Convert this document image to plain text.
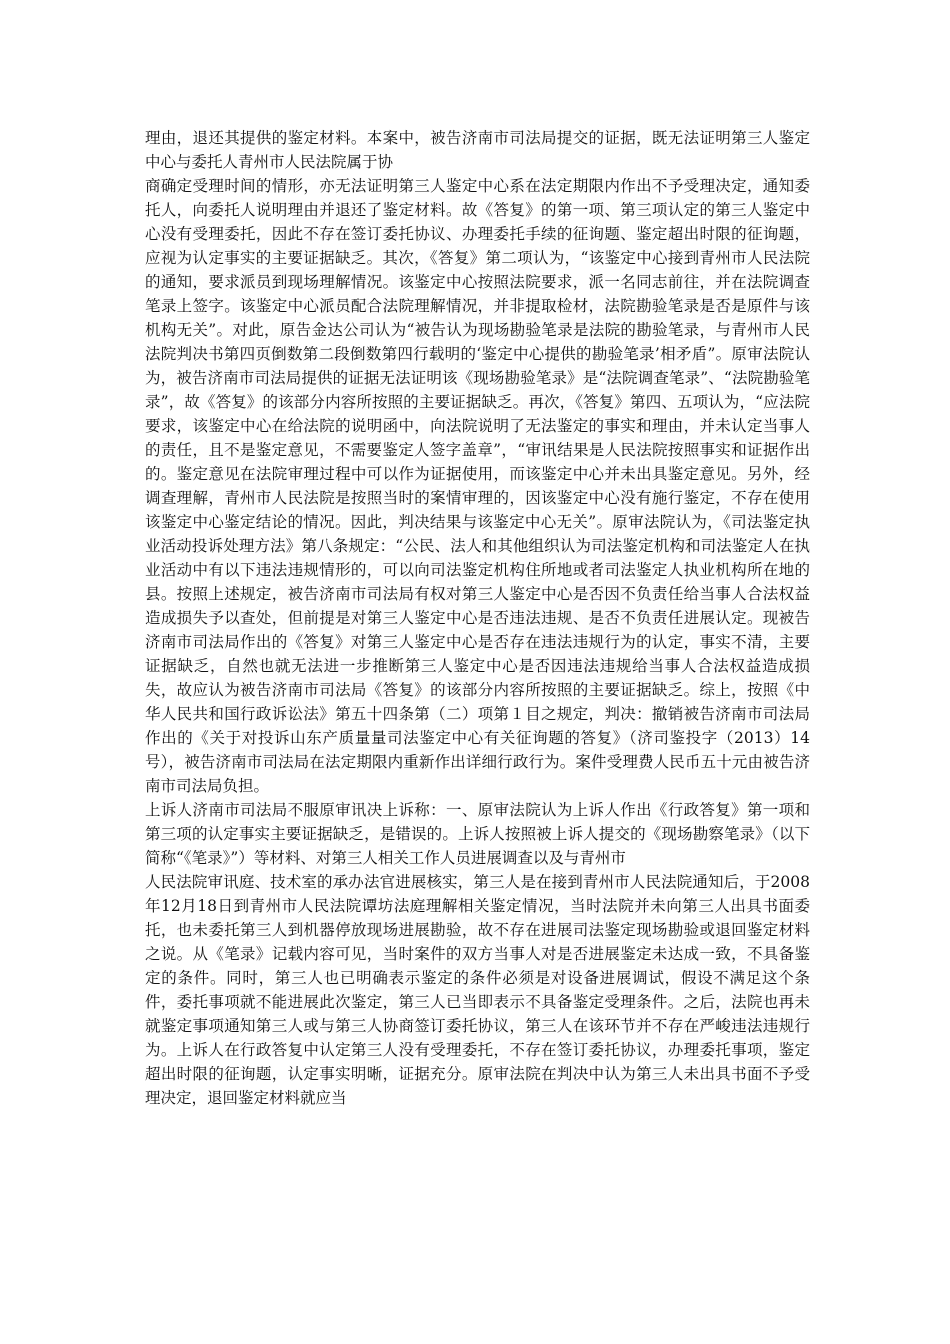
理由，退还其提供的鉴定材料。本案中，被告济南市司法局提交的证据，既无法证明第三人鉴定中心与委托人青州市人民法院属于协

商确定受理时间的情形，亦无法证明第三人鉴定中心系在法定期限内作出不予受理决定，通知委托人，向委托人说明理由并退还了鉴定材料。故《答复》的第一项、第三项认定的第三人鉴定中心没有受理委托，因此不存在签订委托协议、办理委托手续的征询题、鉴定超出时限的征询题，应视为认定事实的主要证据缺乏。其次，《答复》第二项认为，“该鉴定中心接到青州市人民法院的通知，要求派员到现场理解情况。该鉴定中心按照法院要求，派一名同志前往，并在法院调查笔录上签字。该鉴定中心派员配合法院理解情况，并非提取检材，法院勘验笔录是否是原件与该机构无关”。对此，原告金达公司认为“被告认为现场勘验笔录是法院的勘验笔录，与青州市人民法院判决书第四页倒数第二段倒数第四行载明的‘鉴定中心提供的勘验笔录’相矛盾”。原审法院认为，被告济南市司法局提供的证据无法证明该《现场勘验笔录》是“法院调查笔录”、“法院勘验笔录”，故《答复》的该部分内容所按照的主要证据缺乏。再次，《答复》第四、五项认为，“应法院要求，该鉴定中心在给法院的说明函中，向法院说明了无法鉴定的事实和理由，并未认定当事人的责任，且不是鉴定意见，不需要鉴定人签字盖章”，“审讯结果是人民法院按照事实和证据作出的。鉴定意见在法院审理过程中可以作为证据使用，而该鉴定中心并未出具鉴定意见。另外，经调查理解，青州市人民法院是按照当时的案情审理的，因该鉴定中心没有施行鉴定，不存在使用该鉴定中心鉴定结论的情况。因此，判决结果与该鉴定中心无关”。原审法院认为，《司法鉴定执业活动投诉处理方法》第八条规定：“公民、法人和其他组织认为司法鉴定机构和司法鉴定人在执业活动中有以下违法违规情形的，可以向司法鉴定机构住所地或者司法鉴定人执业机构所在地的县。按照上述规定，被告济南市司法局有权对第三人鉴定中心是否因不负责任给当事人合法权益造成损失予以查处，但前提是对第三人鉴定中心是否违法违规、是否不负责任进展认定。现被告济南市司法局作出的《答复》对第三人鉴定中心是否存在违法违规行为的认定，事实不清，主要证据缺乏，自然也就无法进一步推断第三人鉴定中心是否因违法违规给当事人合法权益造成损失，故应认为被告济南市司法局《答复》的该部分内容所按照的主要证据缺乏。综上，按照《中华人民共和国行政诉讼法》第五十四条第（二）项第１目之规定，判决：撤销被告济南市司法局作出的《关于对投诉山东产质量量司法鉴定中心有关征询题的答复》（济司鉴投字（2013）14号），被告济南市司法局在法定期限内重新作出详细行政行为。案件受理费人民币五十元由被告济南市司法局负担。

上诉人济南市司法局不服原审讯决上诉称：一、原审法院认为上诉人作出《行政答复》第一项和第三项的认定事实主要证据缺乏，是错误的。上诉人按照被上诉人提交的《现场勘察笔录》（以下简称“《笔录》”）等材料、对第三人相关工作人员进展调查以及与青州市

人民法院审讯庭、技术室的承办法官进展核实，第三人是在接到青州市人民法院通知后，于2008年12月18日到青州市人民法院谭坊法庭理解相关鉴定情况，当时法院并未向第三人出具书面委托，也未委托第三人到机器停放现场进展勘验，故不存在进展司法鉴定现场勘验或退回鉴定材料之说。从《笔录》记载内容可见，当时案件的双方当事人对是否进展鉴定未达成一致，不具备鉴定的条件。同时，第三人也已明确表示鉴定的条件必须是对设备进展调试，假设不满足这个条件，委托事项就不能进展此次鉴定，第三人已当即表示不具备鉴定受理条件。之后，法院也再未就鉴定事项通知第三人或与第三人协商签订委托协议，第三人在该环节并不存在严峻违法违规行为。上诉人在行政答复中认定第三人没有受理委托，不存在签订委托协议，办理委托事项，鉴定超出时限的征询题，认定事实明晰，证据充分。原审法院在判决中认为第三人未出具书面不予受理决定，退回鉴定材料就应当
